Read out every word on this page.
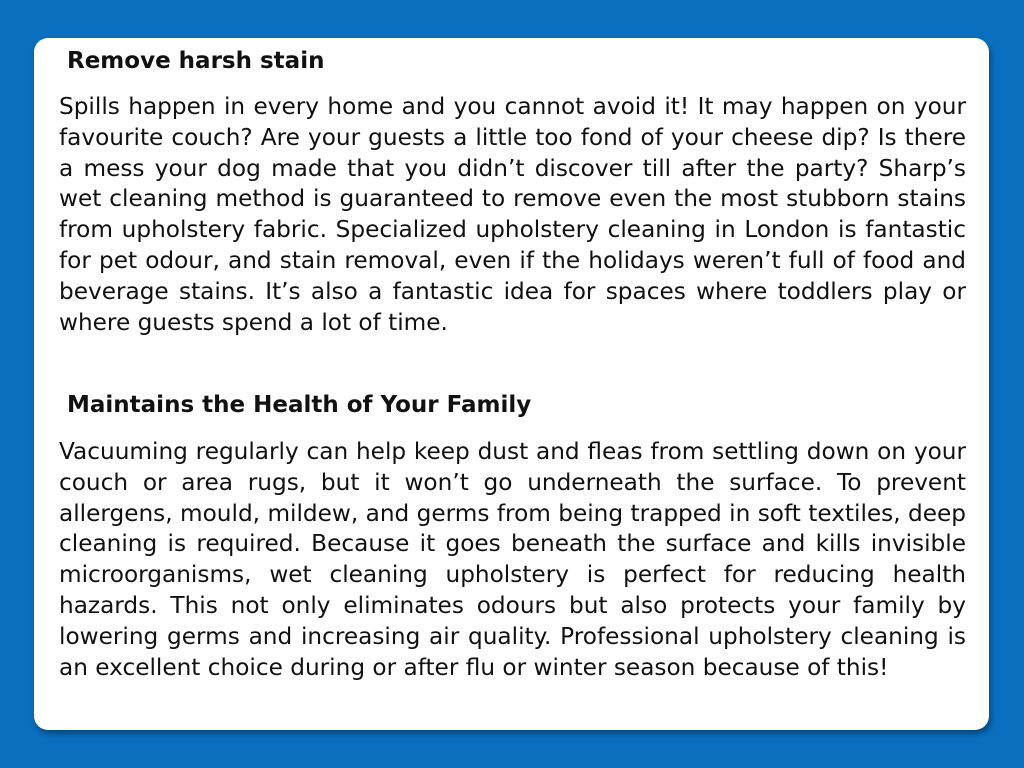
Remove harsh stain

Spills happen in every home and you cannot avoid it! It may happen on your favourite couch? Are your guests a little too fond of your cheese dip? Is there a mess your dog made that you didn’t discover till after the party? Sharp’s wet cleaning method is guaranteed to remove even the most stubborn stains from upholstery fabric. Specialized upholstery cleaning in London is fantastic for pet odour, and stain removal, even if the holidays weren’t full of food and beverage stains. It’s also a fantastic idea for spaces where toddlers play or where guests spend a lot of time.

Maintains the Health of Your Family

Vacuuming regularly can help keep dust and fleas from settling down on your couch or area rugs, but it won’t go underneath the surface. To prevent allergens, mould, mildew, and germs from being trapped in soft textiles, deep cleaning is required. Because it goes beneath the surface and kills invisible microorganisms, wet cleaning upholstery is perfect for reducing health hazards. This not only eliminates odours but also protects your family by lowering germs and increasing air quality. Professional upholstery cleaning is an excellent choice during or after flu or winter season because of this!
